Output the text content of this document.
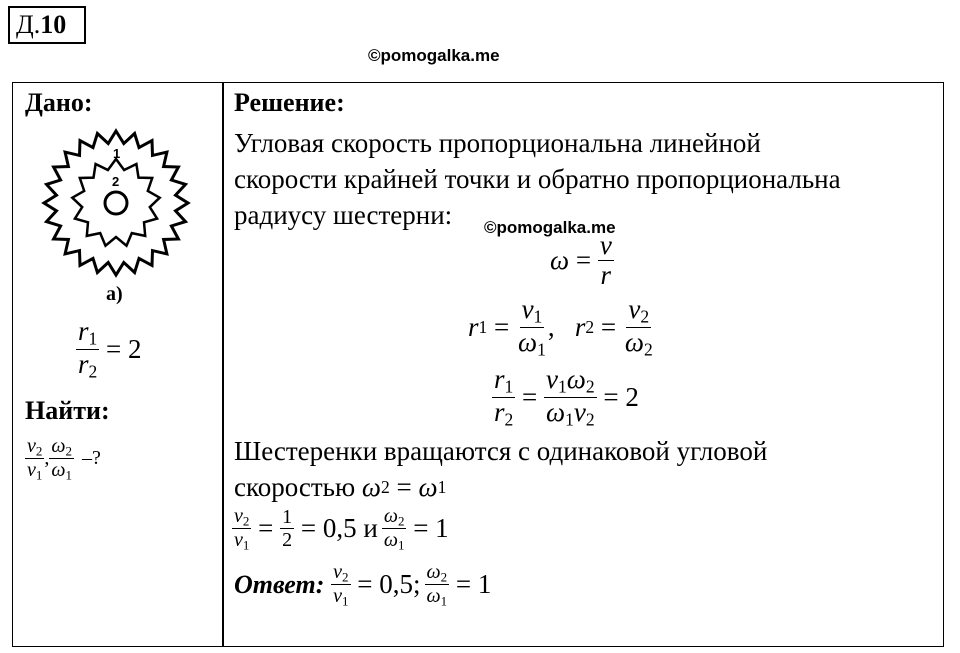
Д.10
©pomogalka.me
Дано:
1
2
а)
$\frac{r_1}{r_2} = 2$
Найти:
$\frac{v_2}{v_1}$ , $\frac{\omega_2}{\omega_1}$ –?
Решение:
Угловая скорость пропорциональна линейной
скорости крайней точки и обратно пропорциональна
радиусу шестерни: ©pomogalka.me
$\omega = \frac{v}{r}$
r $1 = \frac{v_1}{\omega_1}$ , r $2 = \frac{v_2}{\omega_2}$
$\frac{r_1}{r_2} = \frac{v_1\omega_2}{\omega_1v_2} = 2$
Шестеренки вращаются с одинаковой угловой
скоростью
ω 2 = ω 1
$\frac{v_2}{v_1} = \frac{1}{2} = 0,5$
и $\frac{\omega_2}{\omega_1} = 1$
Ответ:
$\frac{v_2}{v_1} = 0,5$; $\frac{\omega_2}{\omega_1} = 1$
